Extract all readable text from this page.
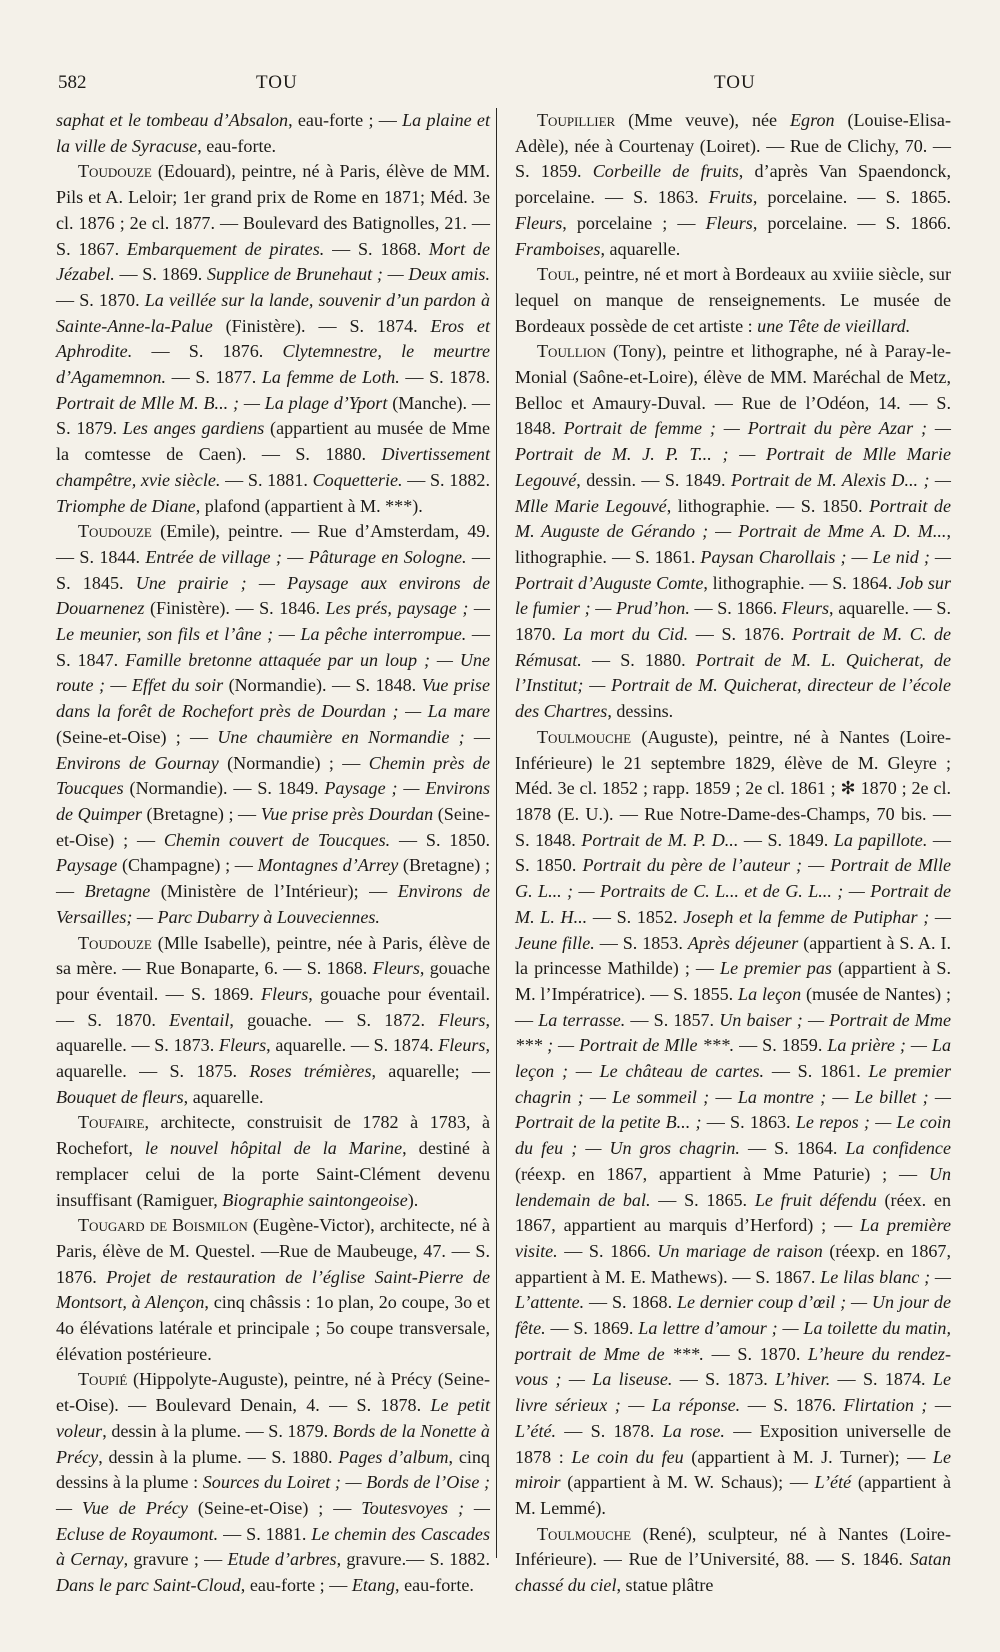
582	TOU	TOU

saphat et le tombeau d’Absalon, eau-forte ; — La plaine et la ville de Syracuse, eau-forte.

Toudouze (Edouard), peintre, né à Paris, élève de MM. Pils et A. Leloir; 1er grand prix de Rome en 1871; Méd. 3e cl. 1876 ; 2e cl. 1877. — Boulevard des Batignolles, 21. — S. 1867. Embarquement de pirates. — S. 1868. Mort de Jézabel. — S. 1869. Supplice de Brunehaut ; — Deux amis. — S. 1870. La veillée sur la lande, souvenir d’un pardon à Sainte-Anne-la-Palue (Finistère). — S. 1874. Eros et Aphrodite. — S. 1876. Clytemnestre, le meurtre d’Agamemnon. — S. 1877. La femme de Loth. — S. 1878. Portrait de Mlle M. B... ; — La plage d’Yport (Manche). — S. 1879. Les anges gardiens (appartient au musée de Mme la comtesse de Caen). — S. 1880. Divertissement champêtre, xvie siècle. — S. 1881. Coquetterie. — S. 1882. Triomphe de Diane, plafond (appartient à M. ***).

Toudouze (Emile), peintre. — Rue d’Amsterdam, 49. — S. 1844. Entrée de village ; — Pâturage en Sologne. — S. 1845. Une prairie ; — Paysage aux environs de Douarnenez (Finistère). — S. 1846. Les prés, paysage ; — Le meunier, son fils et l’âne ; — La pêche interrompue. — S. 1847. Famille bretonne attaquée par un loup ; — Une route ; — Effet du soir (Normandie). — S. 1848. Vue prise dans la forêt de Rochefort près de Dourdan ; — La mare (Seine-et-Oise) ; — Une chaumière en Normandie ; — Environs de Gournay (Normandie) ; — Chemin près de Toucques (Normandie). — S. 1849. Paysage ; — Environs de Quimper (Bretagne) ; — Vue prise près Dourdan (Seine-et-Oise) ; — Chemin couvert de Toucques. — S. 1850. Paysage (Champagne) ; — Montagnes d’Arrey (Bretagne) ; — Bretagne (Ministère de l’Intérieur); — Environs de Versailles; — Parc Dubarry à Louveciennes.

Toudouze (Mlle Isabelle), peintre, née à Paris, élève de sa mère. — Rue Bonaparte, 6. — S. 1868. Fleurs, gouache pour éventail. — S. 1869. Fleurs, gouache pour éventail. — S. 1870. Eventail, gouache. — S. 1872. Fleurs, aquarelle. — S. 1873. Fleurs, aquarelle. — S. 1874. Fleurs, aquarelle. — S. 1875. Roses trémières, aquarelle; — Bouquet de fleurs, aquarelle.

Toufaire, architecte, construisit de 1782 à 1783, à Rochefort, le nouvel hôpital de la Marine, destiné à remplacer celui de la porte Saint-Clément devenu insuffisant (Ramiguer, Biographie saintongeoise).

Tougard de Boismilon (Eugène-Victor), architecte, né à Paris, élève de M. Questel. —Rue de Maubeuge, 47. — S. 1876. Projet de restauration de l’église Saint-Pierre de Montsort, à Alençon, cinq châssis : 1o plan, 2o coupe, 3o et 4o élévations latérale et principale ; 5o coupe transversale, élévation postérieure.

Toupié (Hippolyte-Auguste), peintre, né à Précy (Seine-et-Oise). — Boulevard Denain, 4. — S. 1878. Le petit voleur, dessin à la plume. — S. 1879. Bords de la Nonette à Précy, dessin à la plume. — S. 1880. Pages d’album, cinq dessins à la plume : Sources du Loiret ; — Bords de l’Oise ; — Vue de Précy (Seine-et-Oise) ; — Toutesvoyes ; — Ecluse de Royaumont. — S. 1881. Le chemin des Cascades à Cernay, gravure ; — Etude d’arbres, gravure.— S. 1882. Dans le parc Saint-Cloud, eau-forte ; — Etang, eau-forte.

Toupillier (Mme veuve), née Egron (Louise-Elisa-Adèle), née à Courtenay (Loiret). — Rue de Clichy, 70. — S. 1859. Corbeille de fruits, d’après Van Spaendonck, porcelaine. — S. 1863. Fruits, porcelaine. — S. 1865. Fleurs, porcelaine ; — Fleurs, porcelaine. — S. 1866. Framboises, aquarelle.

Toul, peintre, né et mort à Bordeaux au xviiie siècle, sur lequel on manque de renseignements. Le musée de Bordeaux possède de cet artiste : une Tête de vieillard.

Toullion (Tony), peintre et lithographe, né à Paray-le-Monial (Saône-et-Loire), élève de MM. Maréchal de Metz, Belloc et Amaury-Duval. — Rue de l’Odéon, 14. — S. 1848. Portrait de femme ; — Portrait du père Azar ; — Portrait de M. J. P. T... ; — Portrait de Mlle Marie Legouvé, dessin. — S. 1849. Portrait de M. Alexis D... ; — Mlle Marie Legouvé, lithographie. — S. 1850. Portrait de M. Auguste de Gérando ; — Portrait de Mme A. D. M..., lithographie. — S. 1861. Paysan Charollais ; — Le nid ; — Portrait d’Auguste Comte, lithographie. — S. 1864. Job sur le fumier ; — Prud’hon. — S. 1866. Fleurs, aquarelle. — S. 1870. La mort du Cid. — S. 1876. Portrait de M. C. de Rémusat. — S. 1880. Portrait de M. L. Quicherat, de l’Institut; — Portrait de M. Quicherat, directeur de l’école des Chartres, dessins.

Toulmouche (Auguste), peintre, né à Nantes (Loire-Inférieure) le 21 septembre 1829, élève de M. Gleyre ; Méd. 3e cl. 1852 ; rapp. 1859 ; 2e cl. 1861 ; ✻ 1870 ; 2e cl. 1878 (E. U.). — Rue Notre-Dame-des-Champs, 70 bis. — S. 1848. Portrait de M. P. D... — S. 1849. La papillote. — S. 1850. Portrait du père de l’auteur ; — Portrait de Mlle G. L... ; — Portraits de C. L... et de G. L... ; — Portrait de M. L. H... — S. 1852. Joseph et la femme de Putiphar ; — Jeune fille. — S. 1853. Après déjeuner (appartient à S. A. I. la princesse Mathilde) ; — Le premier pas (appartient à S. M. l’Impératrice). — S. 1855. La leçon (musée de Nantes) ; — La terrasse. — S. 1857. Un baiser ; — Portrait de Mme *** ; — Portrait de Mlle ***. — S. 1859. La prière ; — La leçon ; — Le château de cartes. — S. 1861. Le premier chagrin ; — Le sommeil ; — La montre ; — Le billet ; — Portrait de la petite B... ; — S. 1863. Le repos ; — Le coin du feu ; — Un gros chagrin. — S. 1864. La confidence (réexp. en 1867, appartient à Mme Paturie) ; — Un lendemain de bal. — S. 1865. Le fruit défendu (réex. en 1867, appartient au marquis d’Herford) ; — La première visite. — S. 1866. Un mariage de raison (réexp. en 1867, appartient à M. E. Mathews). — S. 1867. Le lilas blanc ; — L’attente. — S. 1868. Le dernier coup d’œil ; — Un jour de fête. — S. 1869. La lettre d’amour ; — La toilette du matin, portrait de Mme de ***. — S. 1870. L’heure du rendez-vous ; — La liseuse. — S. 1873. L’hiver. — S. 1874. Le livre sérieux ; — La réponse. — S. 1876. Flirtation ; — L’été. — S. 1878. La rose. — Exposition universelle de 1878 : Le coin du feu (appartient à M. J. Turner); — Le miroir (appartient à M. W. Schaus); — L’été (appartient à M. Lemmé).

Toulmouche (René), sculpteur, né à Nantes (Loire-Inférieure). — Rue de l’Université, 88. — S. 1846. Satan chassé du ciel, statue plâtre
